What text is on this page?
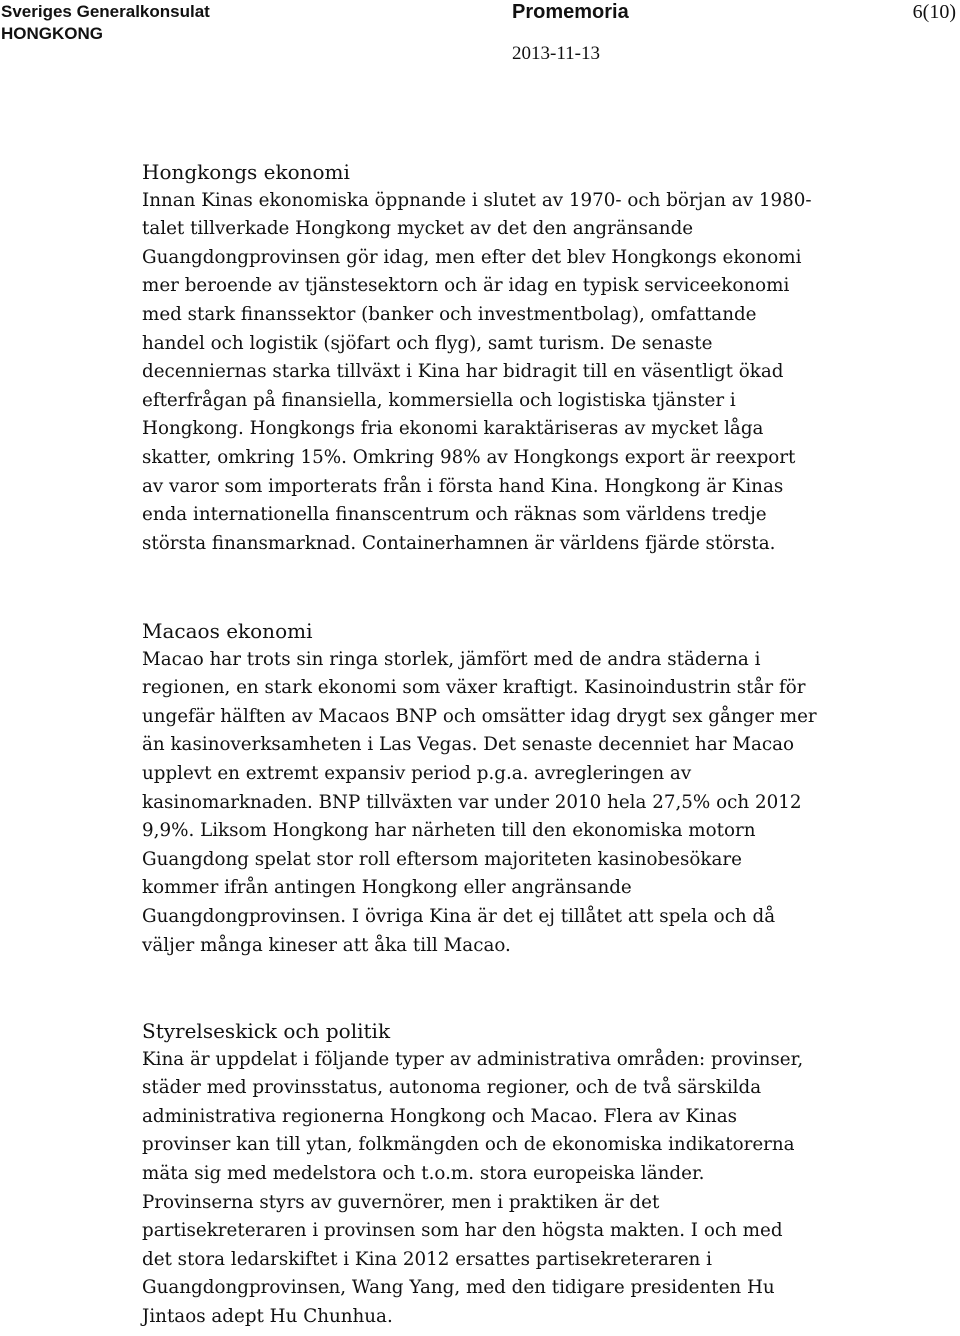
Sveriges Generalkonsulat
HONGKONG
Promemoria	6(10)
2013-11-13
Hongkongs ekonomi
Innan Kinas ekonomiska öppnande i slutet av 1970- och början av 1980-
talet tillverkade Hongkong mycket av det den angränsande
Guangdongprovinsen gör idag, men efter det blev Hongkongs ekonomi
mer beroende av tjänstesektorn och är idag en typisk serviceekonomi
med stark finanssektor (banker och investmentbolag), omfattande
handel och logistik (sjöfart och flyg), samt turism. De senaste
decenniernas starka tillväxt i Kina har bidragit till en väsentligt ökad
efterfrågan på finansiella, kommersiella och logistiska tjänster i
Hongkong. Hongkongs fria ekonomi karaktäriseras av mycket låga
skatter, omkring 15%. Omkring 98% av Hongkongs export är reexport
av varor som importerats från i första hand Kina. Hongkong är Kinas
enda internationella finanscentrum och räknas som världens tredje
största finansmarknad. Containerhamnen är världens fjärde största.
Macaos ekonomi
Macao har trots sin ringa storlek, jämfört med de andra städerna i
regionen, en stark ekonomi som växer kraftigt. Kasinoindustrin står för
ungefär hälften av Macaos BNP och omsätter idag drygt sex gånger mer
än kasinoverksamheten i Las Vegas. Det senaste decenniet har Macao
upplevt en extremt expansiv period p.g.a. avregleringen av
kasinomarknaden. BNP tillväxten var under 2010 hela 27,5% och 2012
9,9%. Liksom Hongkong har närheten till den ekonomiska motorn
Guangdong spelat stor roll eftersom majoriteten kasinobesökare
kommer ifrån antingen Hongkong eller angränsande
Guangdongprovinsen. I övriga Kina är det ej tillåtet att spela och då
väljer många kineser att åka till Macao.
Styrelseskick och politik
Kina är uppdelat i följande typer av administrativa områden: provinser,
städer med provinsstatus, autonoma regioner, och de två särskilda
administrativa regionerna Hongkong och Macao. Flera av Kinas
provinser kan till ytan, folkmängden och de ekonomiska indikatorerna
mäta sig med medelstora och t.o.m. stora europeiska länder.
Provinserna styrs av guvernörer, men i praktiken är det
partisekreteraren i provinsen som har den högsta makten. I och med
det stora ledarskiftet i Kina 2012 ersattes partisekreteraren i
Guangdongprovinsen, Wang Yang, med den tidigare presidenten Hu
Jintaos adept Hu Chunhua.
